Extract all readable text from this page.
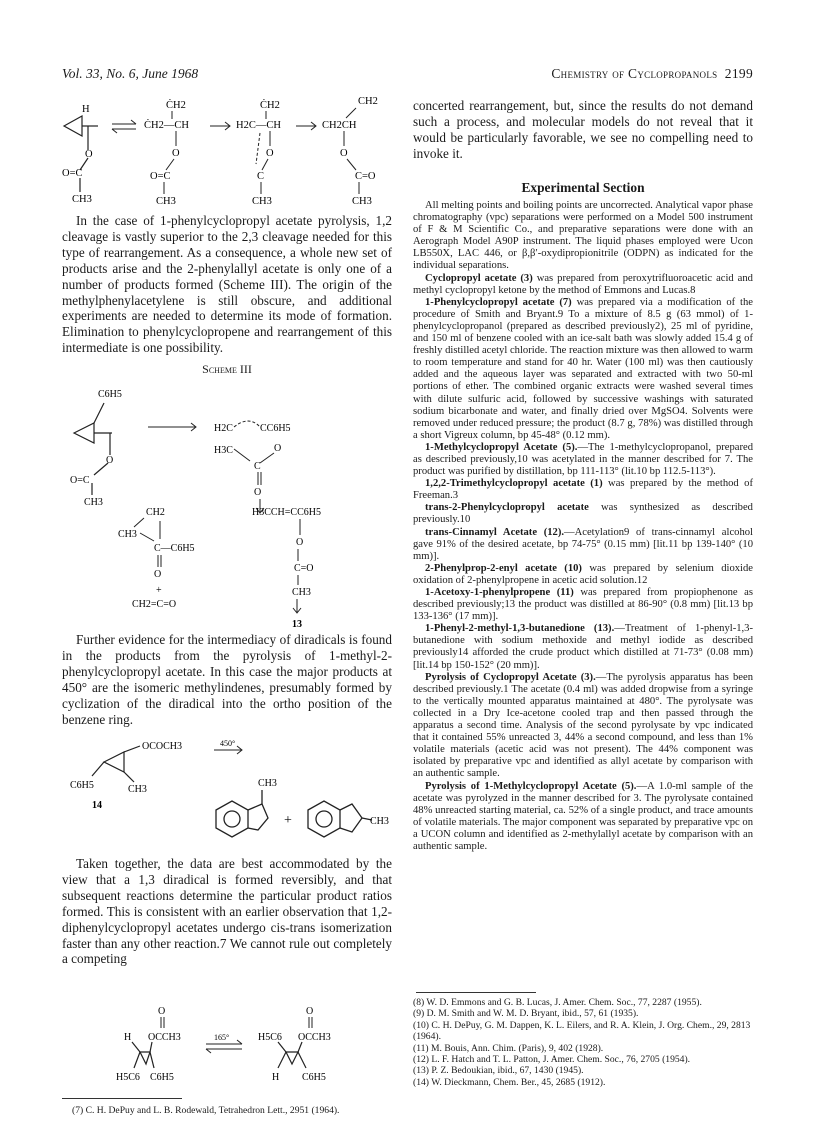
Vol. 33, No. 6, June 1968	Chemistry of Cyclopropanols 2199
H
O
O=C
CH3
ĊH2
ĊH2—CH
O
O=C
CH3
ĊH2
H2C—CH
O
C
CH3
CH2
CH2CH
O
C=O
CH3

In the case of 1-phenylcyclopropyl acetate pyrolysis, 1,2 cleavage is vastly superior to the 2,3 cleavage needed for this type of rearrangement. As a consequence, a whole new set of products arise and the 2-phenylallyl acetate is only one of a number of products formed (Scheme III). The origin of the methylphenylacetylene is still obscure, and additional experiments are needed to determine its mode of formation. Elimination to phenylcyclopropene and rearrangement of this intermediate is one possibility.

Scheme III
C6H5
O
O=C
CH3
H2C	CC6H5
H3C
C
O
O
CH2
CH3
C—C6H5
O
+
CH2=C=O
H3CCH=CC6H5
O
C=O
CH3
13

Further evidence for the intermediacy of diradicals is found in the products from the pyrolysis of 1-methyl-2-phenylcyclopropyl acetate. In this case the major products at 450° are the isomeric methylindenes, presumably formed by cyclization of the diradical into the ortho position of the benzene ring.

OCOCH3	450°
C6H5	CH3
14
CH3
+	CH3

Taken together, the data are best accommodated by the view that a 1,3 diradical is formed reversibly, and that subsequent reactions determine the particular product ratios formed. This is consistent with an earlier observation that 1,2-diphenylcyclopropyl acetates undergo cis-trans isomerization faster than any other reaction.7 We cannot rule out completely a competing

O
H OCCH3
H5C6 C6H5
165°
O
H5C6 OCCH3
H C6H5
(7) C. H. DePuy and L. B. Rodewald, Tetrahedron Lett., 2951 (1964).

concerted rearrangement, but, since the results do not demand such a process, and molecular models do not reveal that it would be particularly favorable, we see no compelling need to invoke it.

Experimental Section

All melting points and boiling points are uncorrected. Analytical vapor phase chromatography (vpc) separations were performed on a Model 500 instrument of F & M Scientific Co., and preparative separations were done with an Aerograph Model A90P instrument. The liquid phases employed were Ucon LB550X, LAC 446, or β,β′-oxydipropionitrile (ODPN) as indicated for the individual separations.

Cyclopropyl acetate (3) was prepared from peroxytrifluoroacetic acid and methyl cyclopropyl ketone by the method of Emmons and Lucas.8

1-Phenylcyclopropyl acetate (7) was prepared via a modification of the procedure of Smith and Bryant.9 To a mixture of 8.5 g (63 mmol) of 1-phenylcyclopropanol (prepared as described previously2), 25 ml of pyridine, and 150 ml of benzene cooled with an ice-salt bath was slowly added 15.4 g of freshly distilled acetyl chloride. The reaction mixture was then allowed to warm to room temperature and stand for 40 hr. Water (100 ml) was then cautiously added and the aqueous layer was separated and extracted with two 50-ml portions of ether. The combined organic extracts were washed several times with dilute sulfuric acid, followed by successive washings with saturated sodium bicarbonate and water, and finally dried over MgSO4. Solvents were removed under reduced pressure; the product (8.7 g, 78%) was distilled through a short Vigreux column, bp 45-48° (0.12 mm).

1-Methylcyclopropyl Acetate (5).—The 1-methylcyclopropanol, prepared as described previously,10 was acetylated in the manner described for 7. The product was purified by distillation, bp 111-113° (lit.10 bp 112.5-113°).

1,2,2-Trimethylcyclopropyl acetate (1) was prepared by the method of Freeman.3

trans-2-Phenylcyclopropyl acetate was synthesized as described previously.10

trans-Cinnamyl Acetate (12).—Acetylation9 of trans-cinnamyl alcohol gave 91% of the desired acetate, bp 74-75° (0.15 mm) [lit.11 bp 139-140° (10 mm)].

2-Phenylprop-2-enyl acetate (10) was prepared by selenium dioxide oxidation of 2-phenylpropene in acetic acid solution.12

1-Acetoxy-1-phenylpropene (11) was prepared from propiophenone as described previously;13 the product was distilled at 86-90° (0.8 mm) [lit.13 bp 133-136° (17 mm)].

1-Phenyl-2-methyl-1,3-butanedione (13).—Treatment of 1-phenyl-1,3-butanedione with sodium methoxide and methyl iodide as described previously14 afforded the crude product which distilled at 71-73° (0.08 mm) [lit.14 bp 150-152° (20 mm)].

Pyrolysis of Cyclopropyl Acetate (3).—The pyrolysis apparatus has been described previously.1 The acetate (0.4 ml) was added dropwise from a syringe to the vertically mounted apparatus maintained at 480°. The pyrolysate was collected in a Dry Ice-acetone cooled trap and then passed through the apparatus a second time. Analysis of the second pyrolysate by vpc indicated that it contained 55% unreacted 3, 44% a second compound, and less than 1% volatile materials (acetic acid was not present). The 44% component was isolated by preparative vpc and identified as allyl acetate by comparison with an authentic sample.

Pyrolysis of 1-Methylcyclopropyl Acetate (5).—A 1.0-ml sample of the acetate was pyrolyzed in the manner described for 3. The pyrolysate contained 48% unreacted starting material, ca. 52% of a single product, and trace amounts of volatile materials. The major component was separated by preparative vpc on a UCON column and identified as 2-methylallyl acetate by comparison with an authentic sample.

(8) W. D. Emmons and G. B. Lucas, J. Amer. Chem. Soc., 77, 2287 (1955).

(9) D. M. Smith and W. M. D. Bryant, ibid., 57, 61 (1935).

(10) C. H. DePuy, G. M. Dappen, K. L. Eilers, and R. A. Klein, J. Org. Chem., 29, 2813 (1964).

(11) M. Bouis, Ann. Chim. (Paris), 9, 402 (1928).

(12) L. F. Hatch and T. L. Patton, J. Amer. Chem. Soc., 76, 2705 (1954).

(13) P. Z. Bedoukian, ibid., 67, 1430 (1945).

(14) W. Dieckmann, Chem. Ber., 45, 2685 (1912).
